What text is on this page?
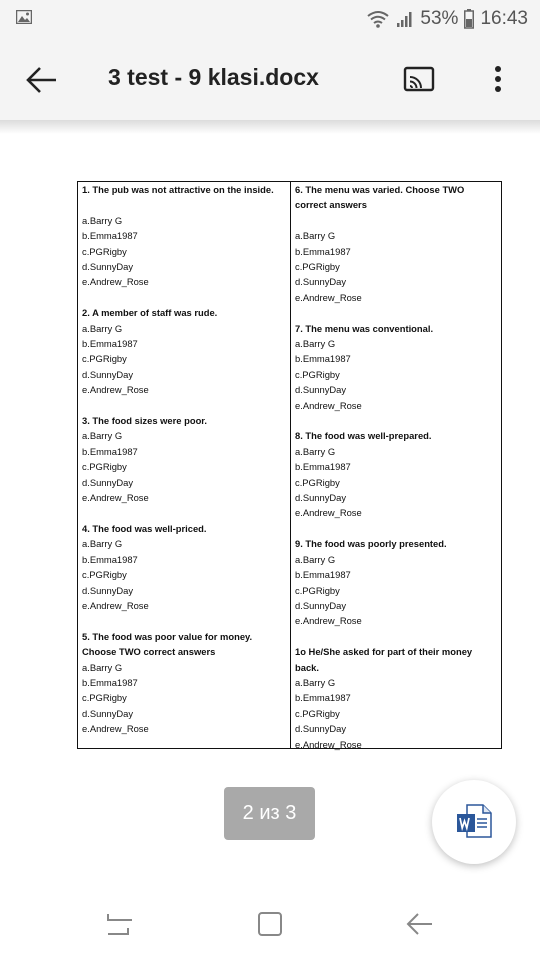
53% 16:43
3 test - 9 klasi.docx
1. The pub was not attractive on the inside.
a.Barry G
b.Emma1987
c.PGRigby
d.SunnyDay
e.Andrew_Rose
2. A member of staff was rude.
a.Barry G
b.Emma1987
c.PGRigby
d.SunnyDay
e.Andrew_Rose
3. The food sizes were poor.
a.Barry G
b.Emma1987
c.PGRigby
d.SunnyDay
e.Andrew_Rose
4. The food was well-priced.
a.Barry G
b.Emma1987
c.PGRigby
d.SunnyDay
e.Andrew_Rose
5. The food was poor value for money. Choose TWO correct answers
a.Barry G
b.Emma1987
c.PGRigby
d.SunnyDay
e.Andrew_Rose
6. The menu was varied. Choose TWO correct answers
a.Barry G
b.Emma1987
c.PGRigby
d.SunnyDay
e.Andrew_Rose
7. The menu was conventional.
a.Barry G
b.Emma1987
c.PGRigby
d.SunnyDay
e.Andrew_Rose
8. The food was well-prepared.
a.Barry G
b.Emma1987
c.PGRigby
d.SunnyDay
e.Andrew_Rose
9. The food was poorly presented.
a.Barry G
b.Emma1987
c.PGRigby
d.SunnyDay
e.Andrew_Rose
1o He/She asked for part of their money back.
a.Barry G
b.Emma1987
c.PGRigby
d.SunnyDay
e.Andrew_Rose
2 из 3
